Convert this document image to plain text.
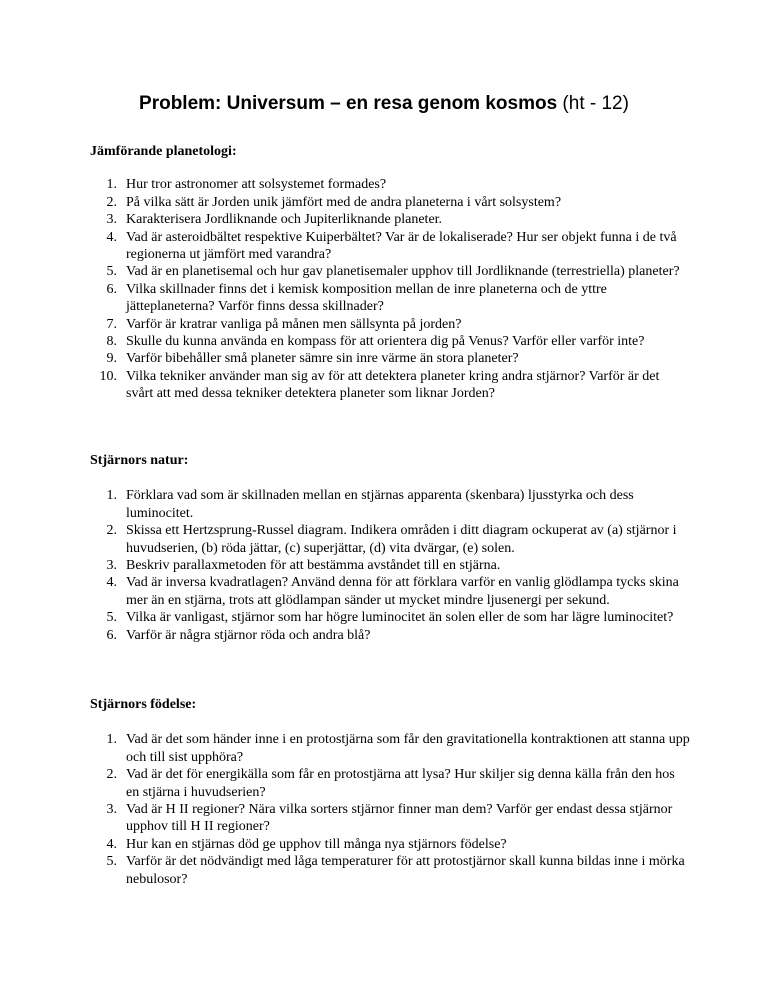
Problem: Universum – en resa genom kosmos (ht - 12)
Jämförande planetologi:
1. Hur tror astronomer att solsystemet formades?
2. På vilka sätt är Jorden unik jämfört med de andra planeterna i vårt solsystem?
3. Karakterisera Jordliknande och Jupiterliknande planeter.
4. Vad är asteroidbältet respektive Kuiperbältet? Var är de lokaliserade? Hur ser objekt funna i de två regionerna ut jämfört med varandra?
5. Vad är en planetisemal och hur gav planetisemaler upphov till Jordliknande (terrestriella) planeter?
6. Vilka skillnader finns det i kemisk komposition mellan de inre planeterna och de yttre jätteplaneterna? Varför finns dessa skillnader?
7. Varför är kratrar vanliga på månen men sällsynta på jorden?
8. Skulle du kunna använda en kompass för att orientera dig på Venus? Varför eller varför inte?
9. Varför bibehåller små planeter sämre sin inre värme än stora planeter?
10. Vilka tekniker använder man sig av för att detektera planeter kring andra stjärnor? Varför är det svårt att med dessa tekniker detektera planeter som liknar Jorden?
Stjärnors natur:
1. Förklara vad som är skillnaden mellan en stjärnas apparenta (skenbara) ljusstyrka och dess luminocitet.
2. Skissa ett Hertzsprung-Russel diagram. Indikera områden i ditt diagram ockuperat av (a) stjärnor i huvudserien, (b) röda jättar, (c) superjättar, (d) vita dvärgar, (e) solen.
3. Beskriv parallaxmetoden för att bestämma avståndet till en stjärna.
4. Vad är inversa kvadratlagen? Använd denna för att förklara varför en vanlig glödlampa tycks skina mer än en stjärna, trots att glödlampan sänder ut mycket mindre ljusenergi per sekund.
5. Vilka är vanligast, stjärnor som har högre luminocitet än solen eller de som har lägre luminocitet?
6. Varför är några stjärnor röda och andra blå?
Stjärnors födelse:
1. Vad är det som händer inne i en protostjärna som får den gravitationella kontraktionen att stanna upp och till sist upphöra?
2. Vad är det för energikälla som får en protostjärna att lysa? Hur skiljer sig denna källa från den hos en stjärna i huvudserien?
3. Vad är H II regioner? Nära vilka sorters stjärnor finner man dem? Varför ger endast dessa stjärnor upphov till H II regioner?
4. Hur kan en stjärnas död ge upphov till många nya stjärnors födelse?
5. Varför är det nödvändigt med låga temperaturer för att protostjärnor skall kunna bildas inne i mörka nebulosor?
